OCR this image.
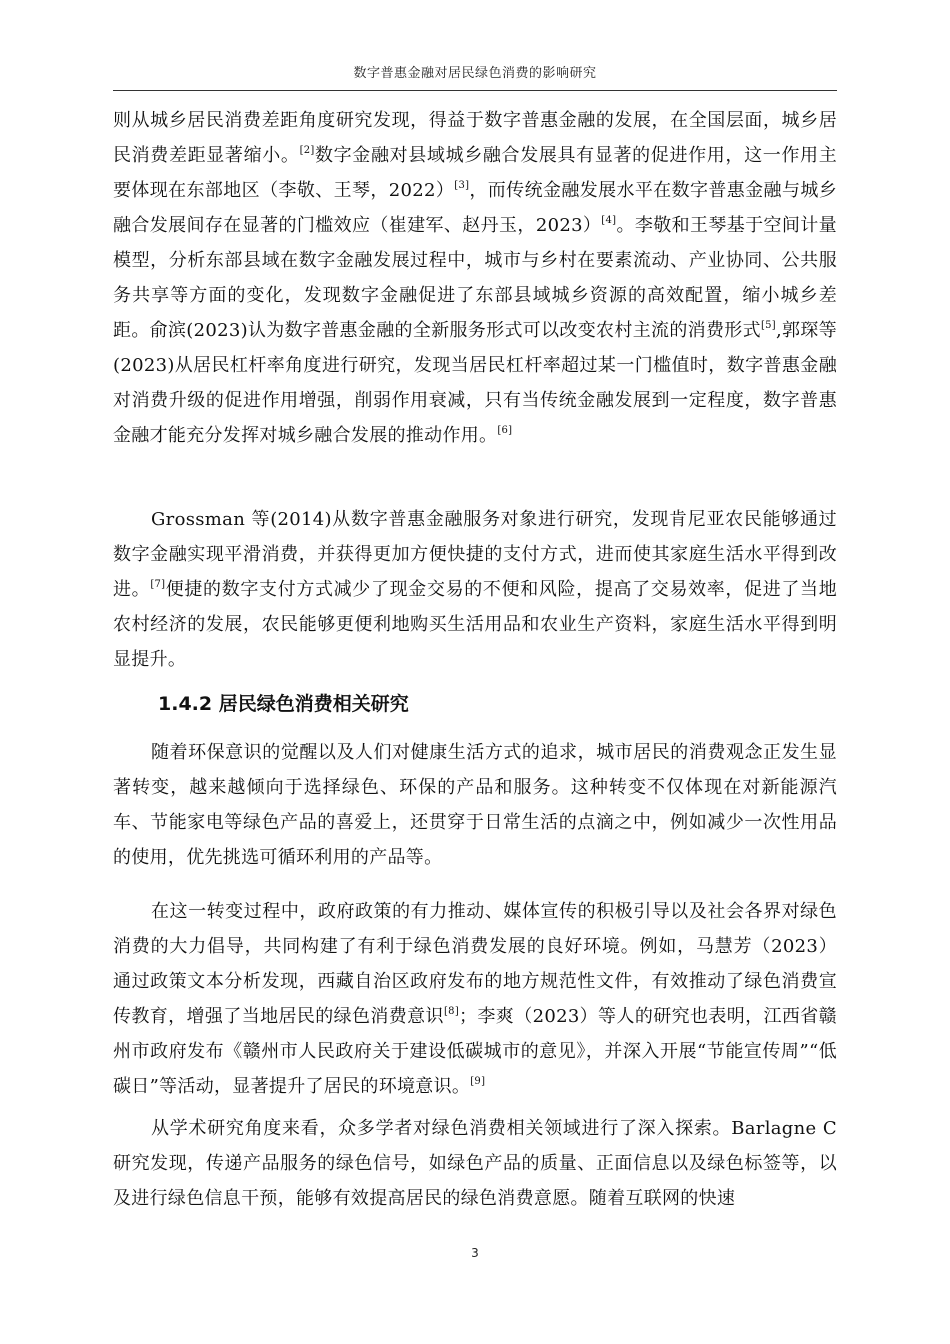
数字普惠金融对居民绿色消费的影响研究

则从城乡居民消费差距角度研究发现，得益于数字普惠金融的发展，在全国层面，城乡居民消费差距显著缩小。[2]数字金融对县域城乡融合发展具有显著的促进作用，这一作用主要体现在东部地区（李敬、王琴，2022）[3]，而传统金融发展水平在数字普惠金融与城乡融合发展间存在显著的门槛效应（崔建军、赵丹玉，2023）[4]。李敬和王琴基于空间计量模型，分析东部县域在数字金融发展过程中，城市与乡村在要素流动、产业协同、公共服务共享等方面的变化，发现数字金融促进了东部县域城乡资源的高效配置，缩小城乡差距。俞滨(2023)认为数字普惠金融的全新服务形式可以改变农村主流的消费形式[5],郭琛等(2023)从居民杠杆率角度进行研究，发现当居民杠杆率超过某一门槛值时，数字普惠金融对消费升级的促进作用增强，削弱作用衰减，只有当传统金融发展到一定程度，数字普惠金融才能充分发挥对城乡融合发展的推动作用。[6]

Grossman 等(2014)从数字普惠金融服务对象进行研究，发现肯尼亚农民能够通过数字金融实现平滑消费，并获得更加方便快捷的支付方式，进而使其家庭生活水平得到改进。[7]便捷的数字支付方式减少了现金交易的不便和风险，提高了交易效率，促进了当地农村经济的发展，农民能够更便利地购买生活用品和农业生产资料，家庭生活水平得到明显提升。

1.4.2 居民绿色消费相关研究

随着环保意识的觉醒以及人们对健康生活方式的追求，城市居民的消费观念正发生显著转变，越来越倾向于选择绿色、环保的产品和服务。这种转变不仅体现在对新能源汽车、节能家电等绿色产品的喜爱上，还贯穿于日常生活的点滴之中，例如减少一次性用品的使用，优先挑选可循环利用的产品等。

在这一转变过程中，政府政策的有力推动、媒体宣传的积极引导以及社会各界对绿色消费的大力倡导，共同构建了有利于绿色消费发展的良好环境。例如，马慧芳（2023）通过政策文本分析发现，西藏自治区政府发布的地方规范性文件，有效推动了绿色消费宣传教育，增强了当地居民的绿色消费意识[8]；李爽（2023）等人的研究也表明，江西省赣州市政府发布《赣州市人民政府关于建设低碳城市的意见》，并深入开展“节能宣传周”“低碳日”等活动，显著提升了居民的环境意识。[9]

从学术研究角度来看，众多学者对绿色消费相关领域进行了深入探索。Barlagne C 研究发现，传递产品服务的绿色信号，如绿色产品的质量、正面信息以及绿色标签等，以及进行绿色信息干预，能够有效提高居民的绿色消费意愿。随着互联网的快速

3
